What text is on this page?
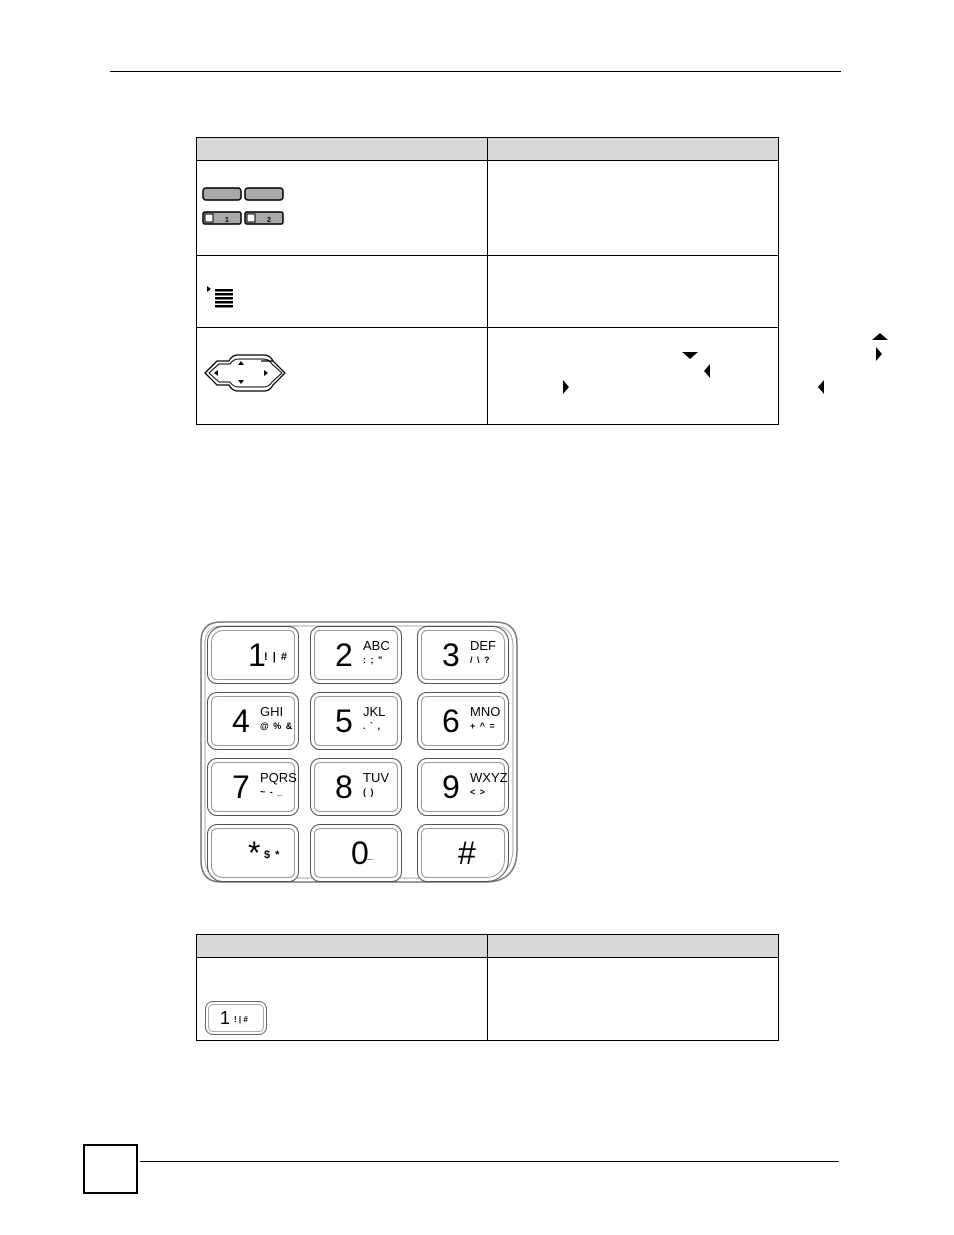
1 2	

1
! | # 2 ABC
: ; " 3 DEF
/ \ ?
4 GHI
@ % & 5 JKL
. ` , 6 MNO
+ ^ =
7 PQRS
~ - _ 8 TUV
( ) 9 WXYZ
< >
* $ * 0
_	#

1 ! | #	
